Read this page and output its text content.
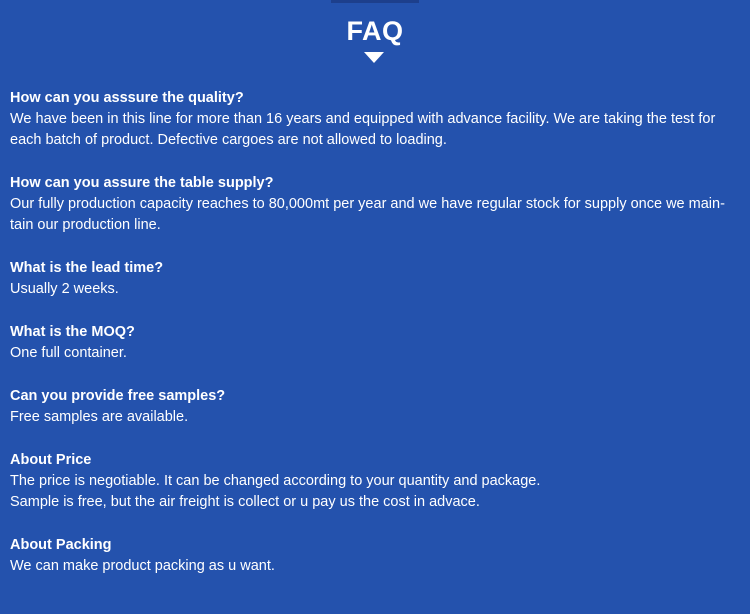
FAQ

How can you asssure the quality?

We have been in this line for more than 16 years and equipped with advance facility. We are taking the test for
each batch of product. Defective cargoes are not allowed to loading.

How can you assure the table supply?

Our fully production capacity reaches to 80,000mt per year and we have regular stock for supply once we main-
tain our production line.

What is the lead time?

Usually 2 weeks.

What is the MOQ?

One full container.

Can you provide free samples?

Free samples are available.

About Price

The price is negotiable. It can be changed according to your quantity and package.
Sample is free, but the air freight is collect or u pay us the cost in advace.

About Packing

We can make product packing as u want.
